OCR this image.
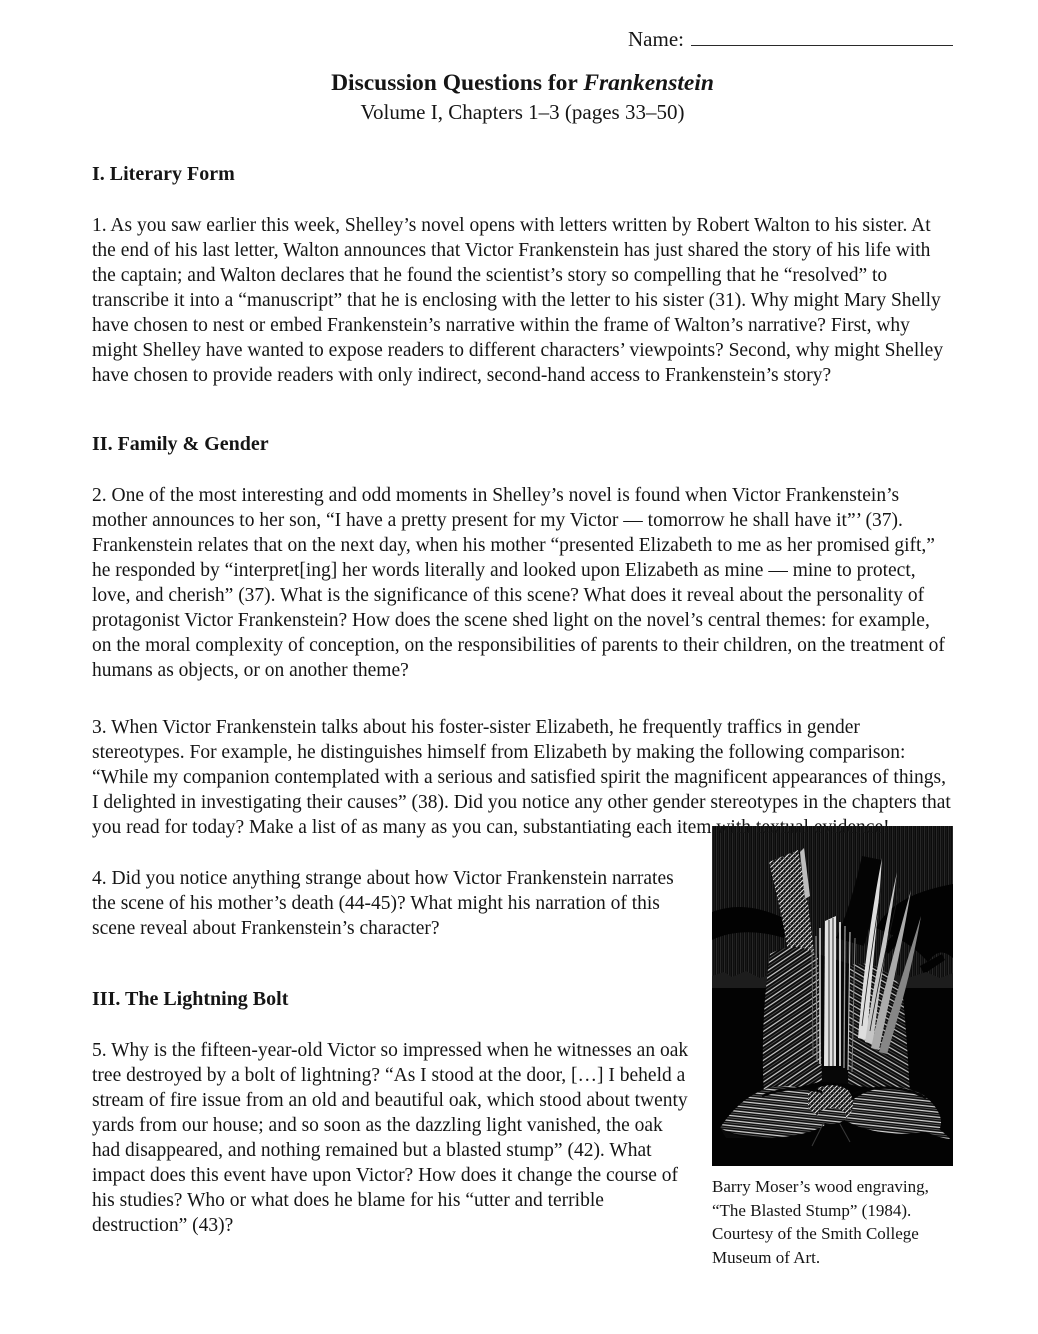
Name:
Discussion Questions for Frankenstein
Volume I, Chapters 1–3 (pages 33–50)
I. Literary Form

1. As you saw earlier this week, Shelley’s novel opens with letters written by Robert Walton to his sister. At the end of his last letter, Walton announces that Victor Frankenstein has just shared the story of his life with the captain; and Walton declares that he found the scientist’s story so compelling that he “resolved” to transcribe it into a “manuscript” that he is enclosing with the letter to his sister (31). Why might Mary Shelly have chosen to nest or embed Frankenstein’s narrative within the frame of Walton’s narrative? First, why might Shelley have wanted to expose readers to different characters’ viewpoints? Second, why might Shelley have chosen to provide readers with only indirect, second-hand access to Frankenstein’s story?

II. Family & Gender

2. One of the most interesting and odd moments in Shelley’s novel is found when Victor Frankenstein’s mother announces to her son, “I have a pretty present for my Victor — tomorrow he shall have it”’ (37). Frankenstein relates that on the next day, when his mother “presented Elizabeth to me as her promised gift,” he responded by “interpret[ing] her words literally and looked upon Elizabeth as mine — mine to protect, love, and cherish” (37). What is the significance of this scene? What does it reveal about the personality of protagonist Victor Frankenstein? How does the scene shed light on the novel’s central themes: for example, on the moral complexity of conception, on the responsibilities of parents to their children, on the treatment of humans as objects, or on another theme?

3. When Victor Frankenstein talks about his foster-sister Elizabeth, he frequently traffics in gender stereotypes. For example, he distinguishes himself from Elizabeth by making the following comparison: “While my companion contemplated with a serious and satisfied spirit the magnificent appearances of things, I delighted in investigating their causes” (38). Did you notice any other gender stereotypes in the chapters that you read for today? Make a list of as many as you can, substantiating each item with textual evidence!

Barry Moser’s wood engraving, “The Blasted Stump” (1984). Courtesy of the Smith College Museum of Art.

4. Did you notice anything strange about how Victor Frankenstein narrates the scene of his mother’s death (44-45)? What might his narration of this scene reveal about Frankenstein’s character?

III. The Lightning Bolt

5. Why is the fifteen-year-old Victor so impressed when he witnesses an oak tree destroyed by a bolt of lightning? “As I stood at the door, […] I beheld a stream of fire issue from an old and beautiful oak, which stood about twenty yards from our house; and so soon as the dazzling light vanished, the oak had disappeared, and nothing remained but a blasted stump” (42). What impact does this event have upon Victor? How does it change the course of his studies? Who or what does he blame for his “utter and terrible destruction” (43)?
